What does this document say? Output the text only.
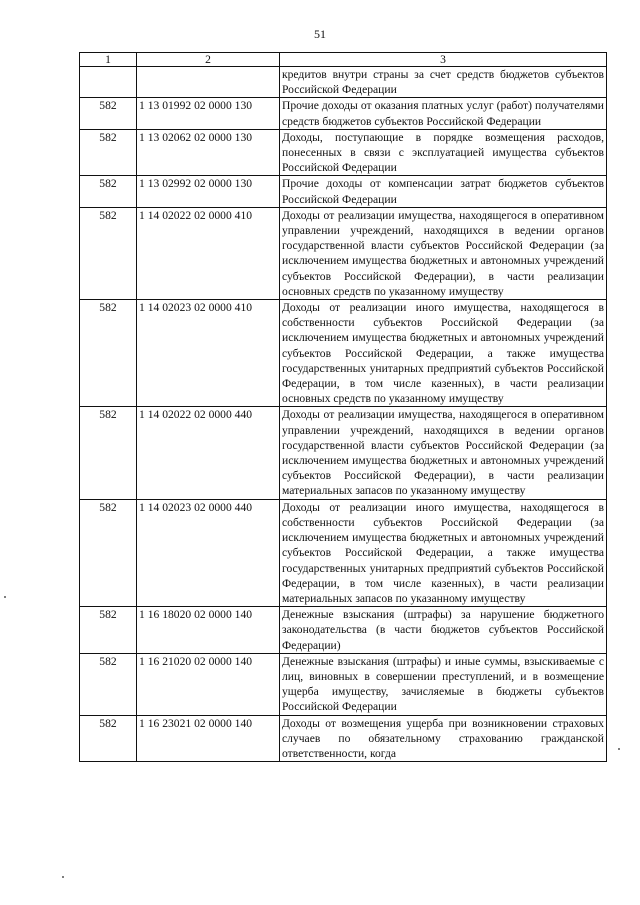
51
1	2	3
		кредитов внутри страны за счет средств бюджетов субъектов Российской Федерации
582	1 13 01992 02 0000 130	Прочие доходы от оказания платных услуг (работ) получателями средств бюджетов субъектов Российской Федерации
582	1 13 02062 02 0000 130	Доходы, поступающие в порядке возмещения расходов, понесенных в связи с эксплуатацией имущества субъектов Российской Федерации
582	1 13 02992 02 0000 130	Прочие доходы от компенсации затрат бюджетов субъектов Российской Федерации
582	1 14 02022 02 0000 410	Доходы от реализации имущества, находящегося в оперативном управлении учреждений, находящихся в ведении органов государственной власти субъектов Российской Федерации (за исключением имущества бюджетных и автономных учреждений субъектов Российской Федерации), в части реализации основных средств по указанному имуществу
582	1 14 02023 02 0000 410	Доходы от реализации иного имущества, находящегося в собственности субъектов Российской Федерации (за исключением имущества бюджетных и автономных учреждений субъектов Российской Федерации, а также имущества государственных унитарных предприятий субъектов Российской Федерации, в том числе казенных), в части реализации основных средств по указанному имуществу
582	1 14 02022 02 0000 440	Доходы от реализации имущества, находящегося в оперативном управлении учреждений, находящихся в ведении органов государственной власти субъектов Российской Федерации (за исключением имущества бюджетных и автономных учреждений субъектов Российской Федерации), в части реализации материальных запасов по указанному имуществу
582	1 14 02023 02 0000 440	Доходы от реализации иного имущества, находящегося в собственности субъектов Российской Федерации (за исключением имущества бюджетных и автономных учреждений субъектов Российской Федерации, а также имущества государственных унитарных предприятий субъектов Российской Федерации, в том числе казенных), в части реализации материальных запасов по указанному имуществу
582	1 16 18020 02 0000 140	Денежные взыскания (штрафы) за нарушение бюджетного законодательства (в части бюджетов субъектов Российской Федерации)
582	1 16 21020 02 0000 140	Денежные взыскания (штрафы) и иные суммы, взыскиваемые с лиц, виновных в совершении преступлений, и в возмещение ущерба имуществу, зачисляемые в бюджеты субъектов Российской Федерации
582	1 16 23021 02 0000 140	Доходы от возмещения ущерба при возникновении страховых случаев по обязательному страхованию гражданской ответственности, когда
